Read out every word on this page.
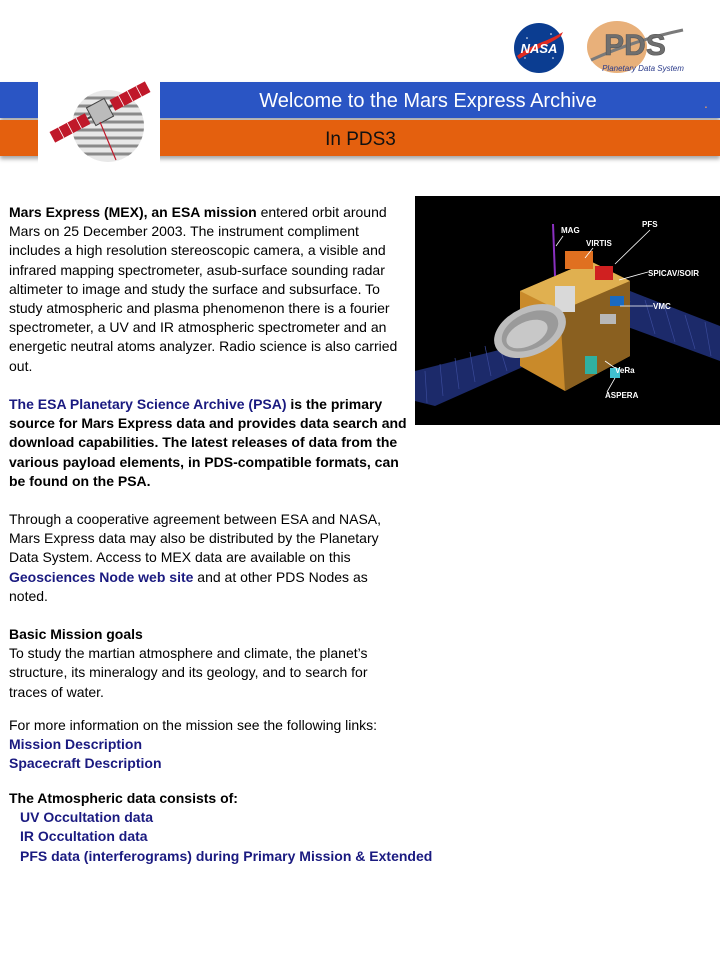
NASA PDS
Planetary Data System
Welcome to the Mars Express Archive	.
In PDS3
MAG
VIRTIS
PFS
SPICAV/SOIR
VMC
VeRa
ASPERA
Mars Express (MEX), an ESA mission entered orbit around Mars on 25 December 2003. The instrument compliment includes a high resolution stereoscopic camera, a visible and infrared mapping spectrometer, asub-surface sounding radar altimeter to image and study the surface and subsurface. To study atmospheric and plasma phenomenon there is a fourier spectrometer, a UV and IR atmospheric spectrometer and an energetic neutral atoms analyzer. Radio science is also carried out.
The ESA Planetary Science Archive (PSA) is the primary source for Mars Express data and provides data search and download capabilities. The latest releases of data from the various payload elements, in PDS-compatible formats, can be found on the PSA.
Through a cooperative agreement between ESA and NASA, Mars Express data may also be distributed by the Planetary Data System. Access to MEX data are available on this Geosciences Node web site and at other PDS Nodes as noted.
Basic Mission goals
To study the martian atmosphere and climate, the planet’s structure, its mineralogy and its geology, and to search for traces of water.
For more information on the mission see the following links:
Mission Description
Spacecraft Description
The Atmospheric data consists of:
UV Occultation data
IR Occultation data
PFS data (interferograms) during Primary Mission & Extended
